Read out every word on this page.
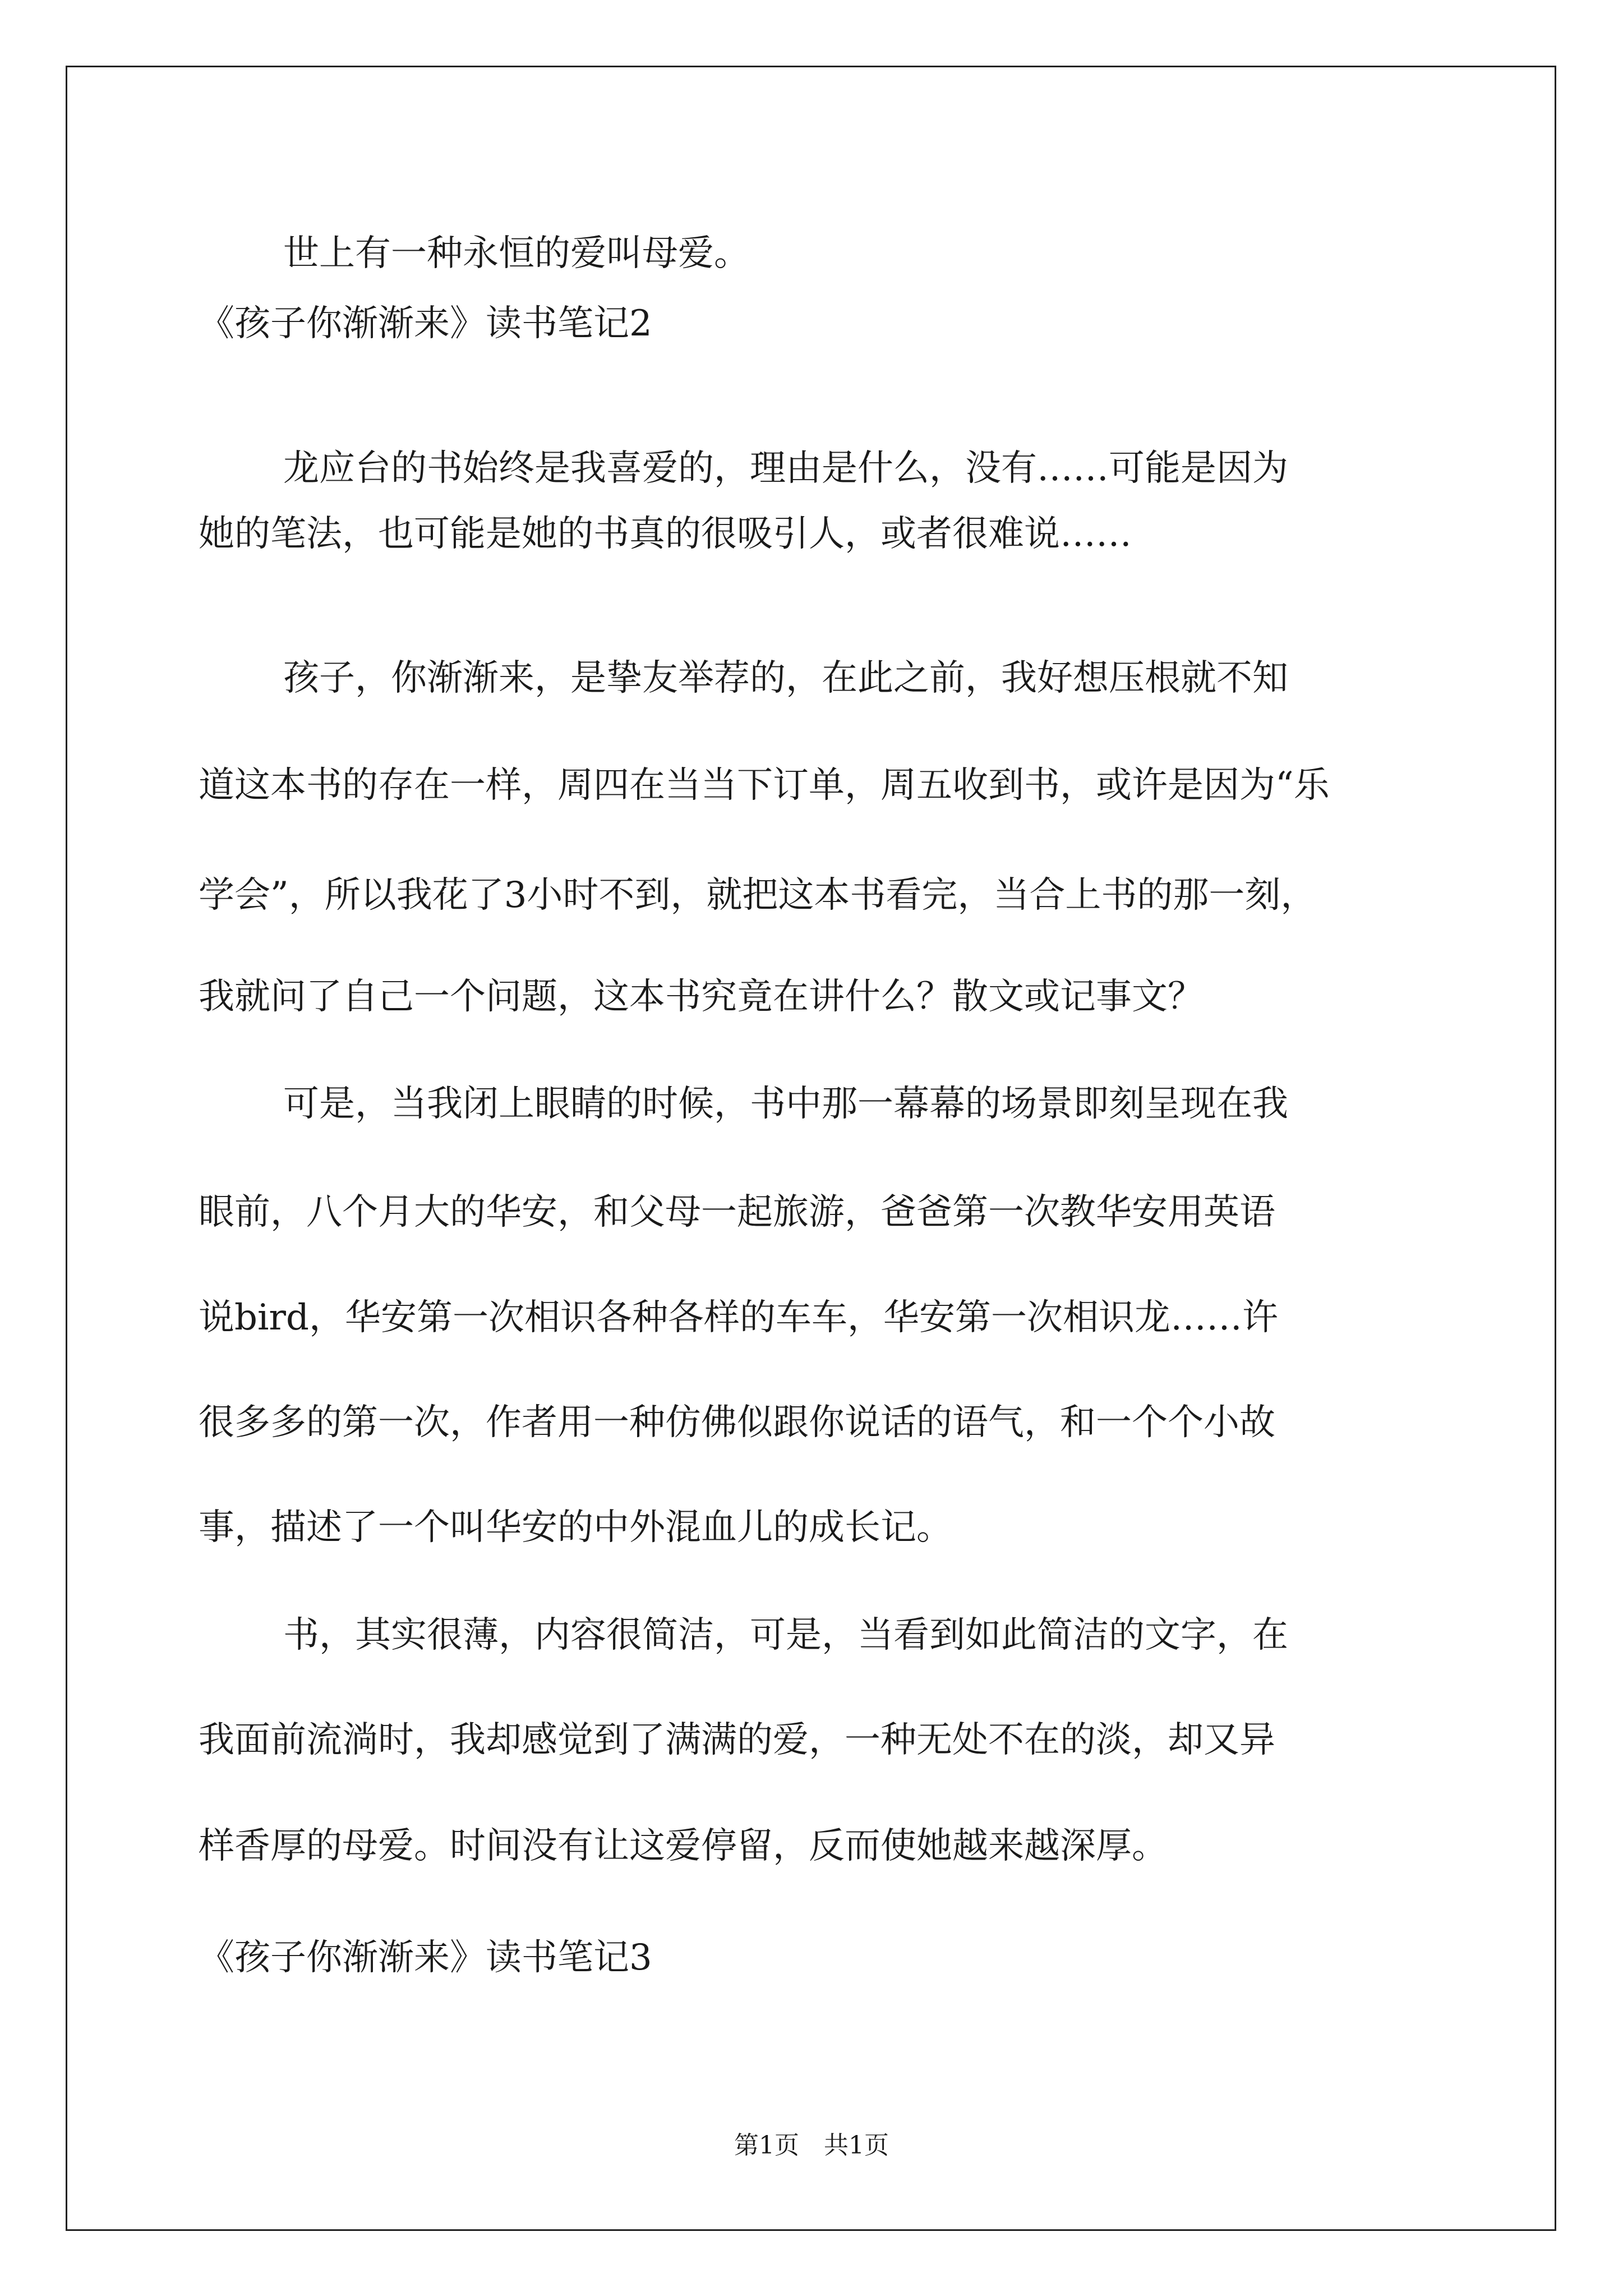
世上有一种永恒的爱叫母爱。
《孩子你渐渐来》读书笔记2
龙应台的书始终是我喜爱的，理由是什么，没有……可能是因为
她的笔法，也可能是她的书真的很吸引人，或者很难说……
孩子，你渐渐来，是挚友举荐的，在此之前，我好想压根就不知
道这本书的存在一样，周四在当当下订单，周五收到书，或许是因为“乐
学会”，所以我花了3小时不到，就把这本书看完，当合上书的那一刻，
我就问了自己一个问题，这本书究竟在讲什么？散文或记事文？
可是，当我闭上眼睛的时候，书中那一幕幕的场景即刻呈现在我
眼前，八个月大的华安，和父母一起旅游，爸爸第一次教华安用英语
说bird，华安第一次相识各种各样的车车，华安第一次相识龙……许
很多多的第一次，作者用一种仿佛似跟你说话的语气，和一个个小故
事，描述了一个叫华安的中外混血儿的成长记。
书，其实很薄，内容很简洁，可是，当看到如此简洁的文字，在
我面前流淌时，我却感觉到了满满的爱，一种无处不在的淡，却又异
样香厚的母爱。时间没有让这爱停留，反而使她越来越深厚。
《孩子你渐渐来》读书笔记3
第1页　共1页
